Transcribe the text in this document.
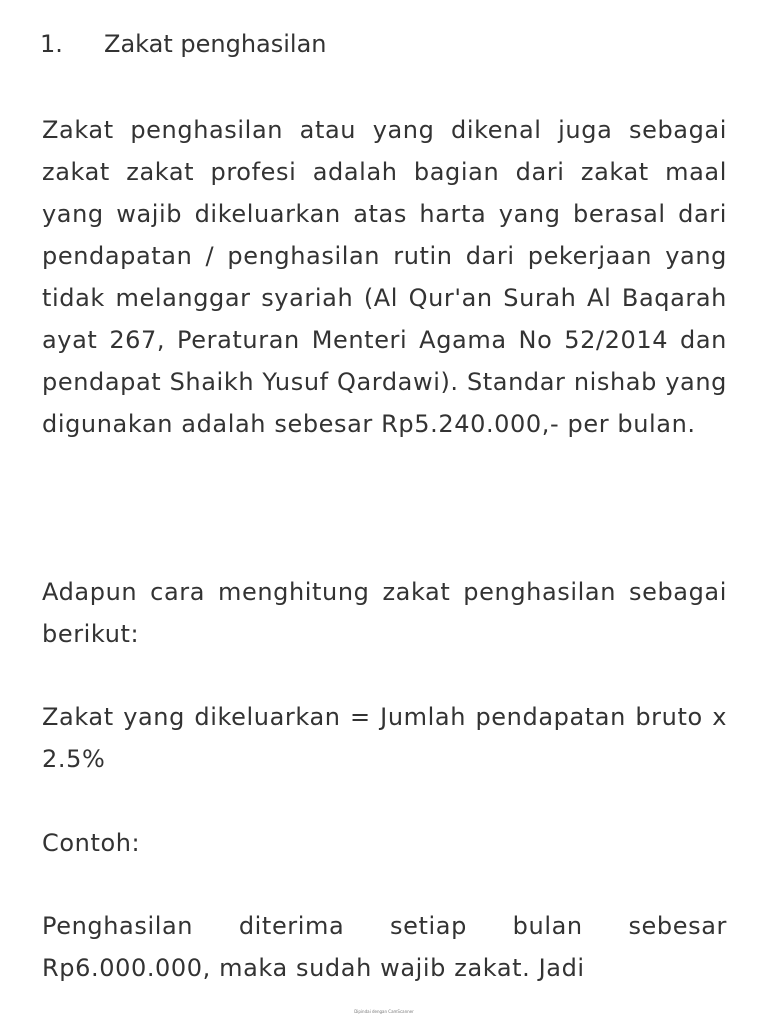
1. Zakat penghasilan

Zakat penghasilan atau yang dikenal juga sebagai zakat zakat profesi adalah bagian dari zakat maal yang wajib dikeluarkan atas harta yang berasal dari pendapatan / penghasilan rutin dari pekerjaan yang tidak melanggar syariah (Al Qur'an Surah Al Baqarah ayat 267, Peraturan Menteri Agama No 52/2014 dan pendapat Shaikh Yusuf Qardawi). Standar nishab yang digunakan adalah sebesar Rp5.240.000,- per bulan.

Adapun cara menghitung zakat penghasilan sebagai berikut:

Zakat yang dikeluarkan = Jumlah pendapatan bruto x 2.5%

Contoh:

Penghasilan diterima setiap bulan sebesar Rp6.000.000, maka sudah wajib zakat. Jadi

Dipindai dengan CamScanner
